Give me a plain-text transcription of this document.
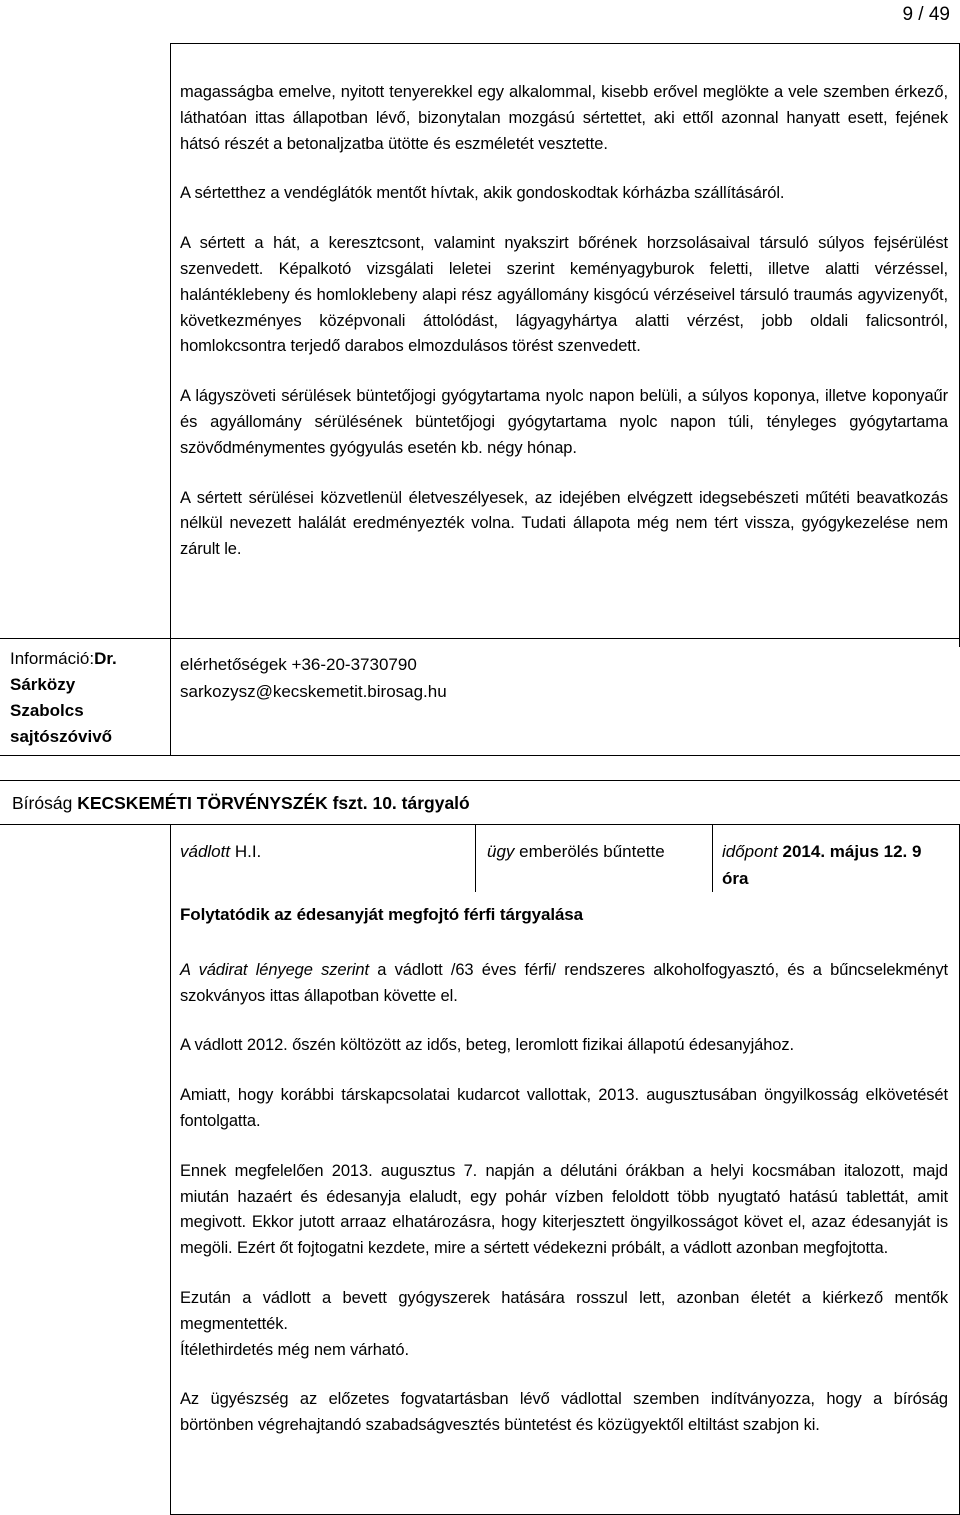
9 / 49

magasságba emelve, nyitott tenyerekkel egy alkalommal, kisebb erővel meglökte a vele szemben érkező, láthatóan ittas állapotban lévő, bizonytalan mozgású sértettet, aki ettől azonnal hanyatt esett, fejének hátsó részét a betonaljzatba ütötte és eszméletét vesztette.

A sértetthez a vendéglátók mentőt hívtak, akik gondoskodtak kórházba szállításáról.

A sértett a hát, a keresztcsont, valamint nyakszirt bőrének horzsolásaival társuló súlyos fejsérülést szenvedett. Képalkotó vizsgálati leletei szerint keményagyburok feletti, illetve alatti vérzéssel, halántéklebeny és homloklebeny alapi rész agyállomány kisgócú vérzéseivel társuló traumás agyvizenyőt, következményes középvonali áttolódást, lágyagyhártya alatti vérzést, jobb oldali falicsontról, homlokcsontra terjedő darabos elmozdulásos törést szenvedett.

A lágyszöveti sérülések büntetőjogi gyógytartama nyolc napon belüli, a súlyos koponya, illetve koponyaűr és agyállomány sérülésének büntetőjogi gyógytartama nyolc napon túli, tényleges gyógytartama szövődménymentes gyógyulás esetén kb. négy hónap.

A sértett sérülései közvetlenül életveszélyesek, az idejében elvégzett idegsebészeti műtéti beavatkozás nélkül nevezett halálát eredményezték volna. Tudati állapota még nem tért vissza, gyógykezelése nem zárult le.

Információ:Dr.

Sárközy Szabolcs sajtószóvivő
elérhetőségek +36-20-3730790
sarkozysz@kecskemetit.birosag.hu
Bíróság KECSKEMÉTI TÖRVÉNYSZÉK fszt. 10. tárgyaló
vádlott H.I.	ügy emberölés bűntette	időpont 2014. május 12. 9 óra

Folytatódik az édesanyját megfojtó férfi tárgyalása

A vádirat lényege szerint a vádlott /63 éves férfi/ rendszeres alkoholfogyasztó, és a bűncselekményt szokványos ittas állapotban követte el.

A vádlott 2012. őszén költözött az idős, beteg, leromlott fizikai állapotú édesanyjához.

Amiatt, hogy korábbi társkapcsolatai kudarcot vallottak, 2013. augusztusában öngyilkosság elkövetését fontolgatta.

Ennek megfelelően 2013. augusztus 7. napján a délutáni órákban a helyi kocsmában italozott, majd miután hazaért és édesanyja elaludt, egy pohár vízben feloldott több nyugtató hatású tablettát, amit megivott. Ekkor jutott arraaz elhatározásra, hogy kiterjesztett öngyilkosságot követ el, azaz édesanyját is megöli. Ezért őt fojtogatni kezdete, mire a sértett védekezni próbált, a vádlott azonban megfojtotta.

Ezután a vádlott a bevett gyógyszerek hatására rosszul lett, azonban életét a kiérkező mentők megmentették.

Ítélethirdetés még nem várható.

Az ügyészség az előzetes fogvatartásban lévő vádlottal szemben indítványozza, hogy a bíróság börtönben végrehajtandó szabadságvesztés büntetést és közügyektől eltiltást szabjon ki.
